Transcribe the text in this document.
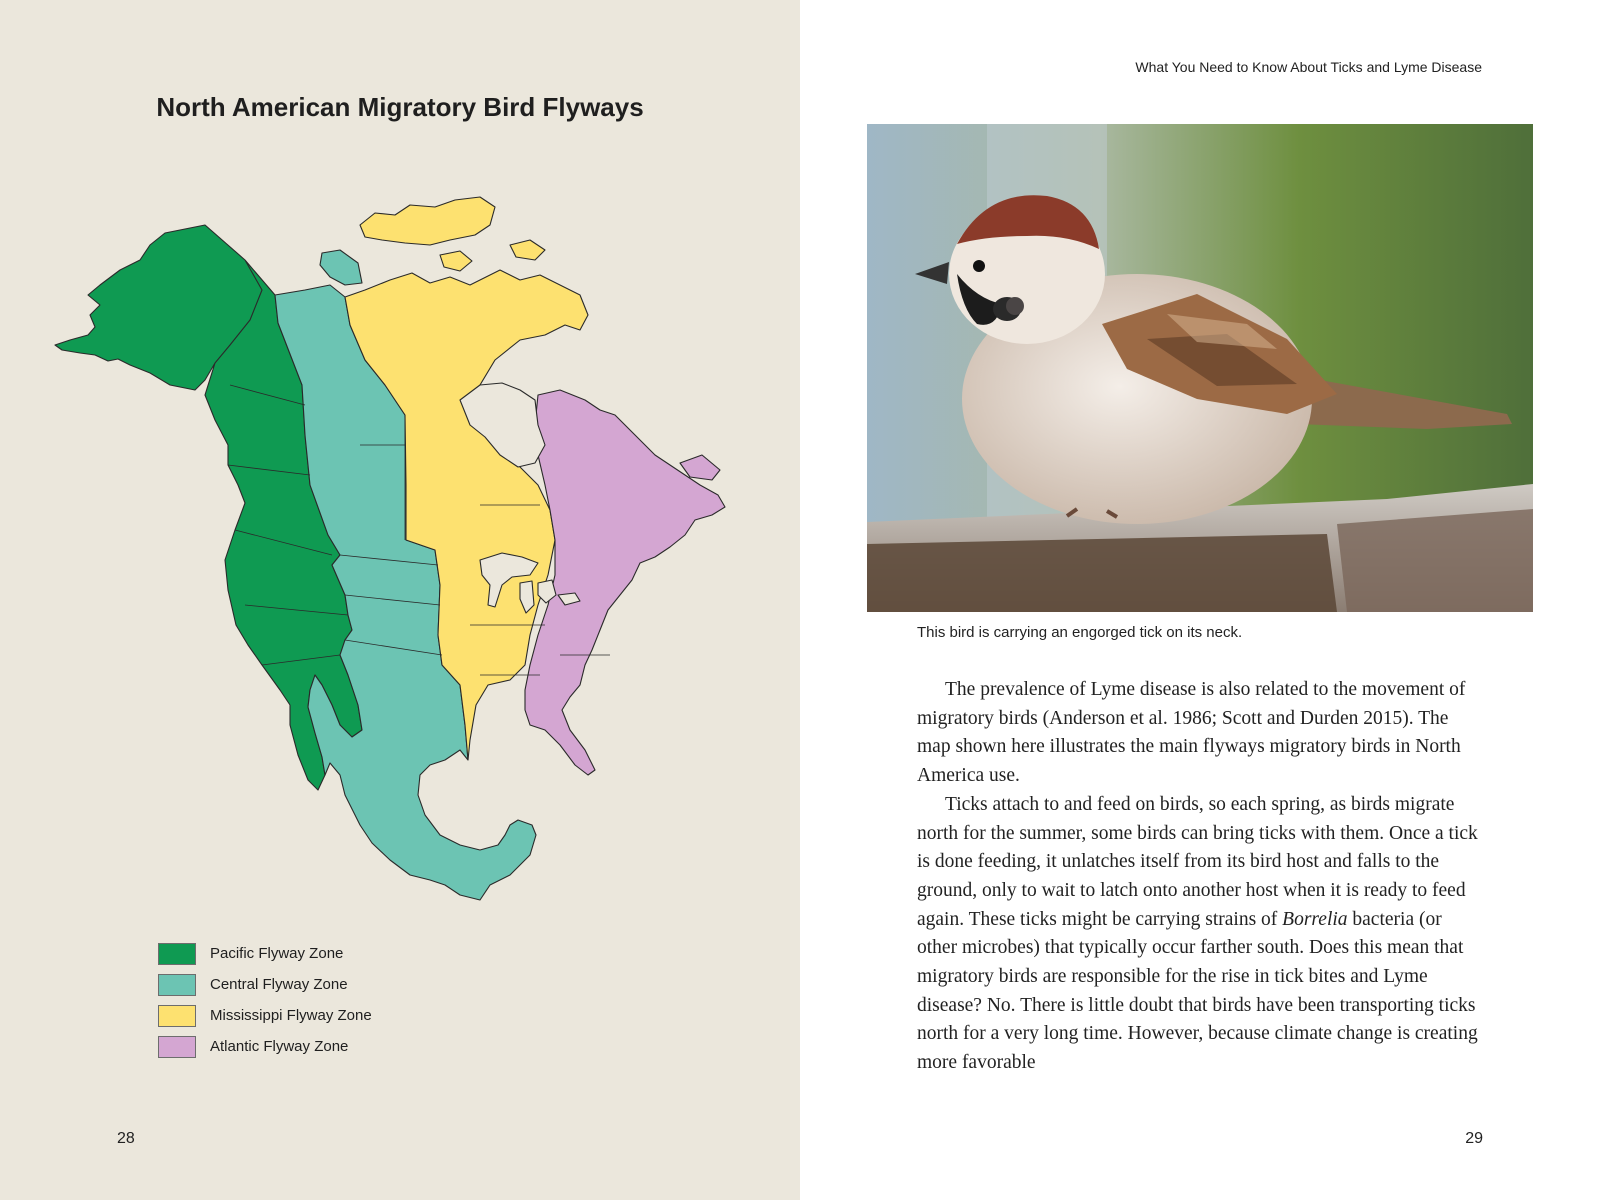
North American Migratory Bird Flyways
Pacific Flyway Zone
Central Flyway Zone
Mississippi Flyway Zone
Atlantic Flyway Zone
28
What You Need to Know About Ticks and Lyme Disease
This bird is carrying an engorged tick on its neck.

The prevalence of Lyme disease is also related to the movement of migratory birds (Anderson et al. 1986; Scott and Durden 2015). The map shown here illustrates the main flyways migratory birds in North America use.

Ticks attach to and feed on birds, so each spring, as birds migrate north for the summer, some birds can bring ticks with them. Once a tick is done feeding, it unlatches itself from its bird host and falls to the ground, only to wait to latch onto another host when it is ready to feed again. These ticks might be carrying strains of Borrelia bacteria (or other microbes) that typically occur farther south. Does this mean that migratory birds are responsible for the rise in tick bites and Lyme disease? No. There is little doubt that birds have been transporting ticks north for a very long time. However, because climate change is creating more favorable

29
